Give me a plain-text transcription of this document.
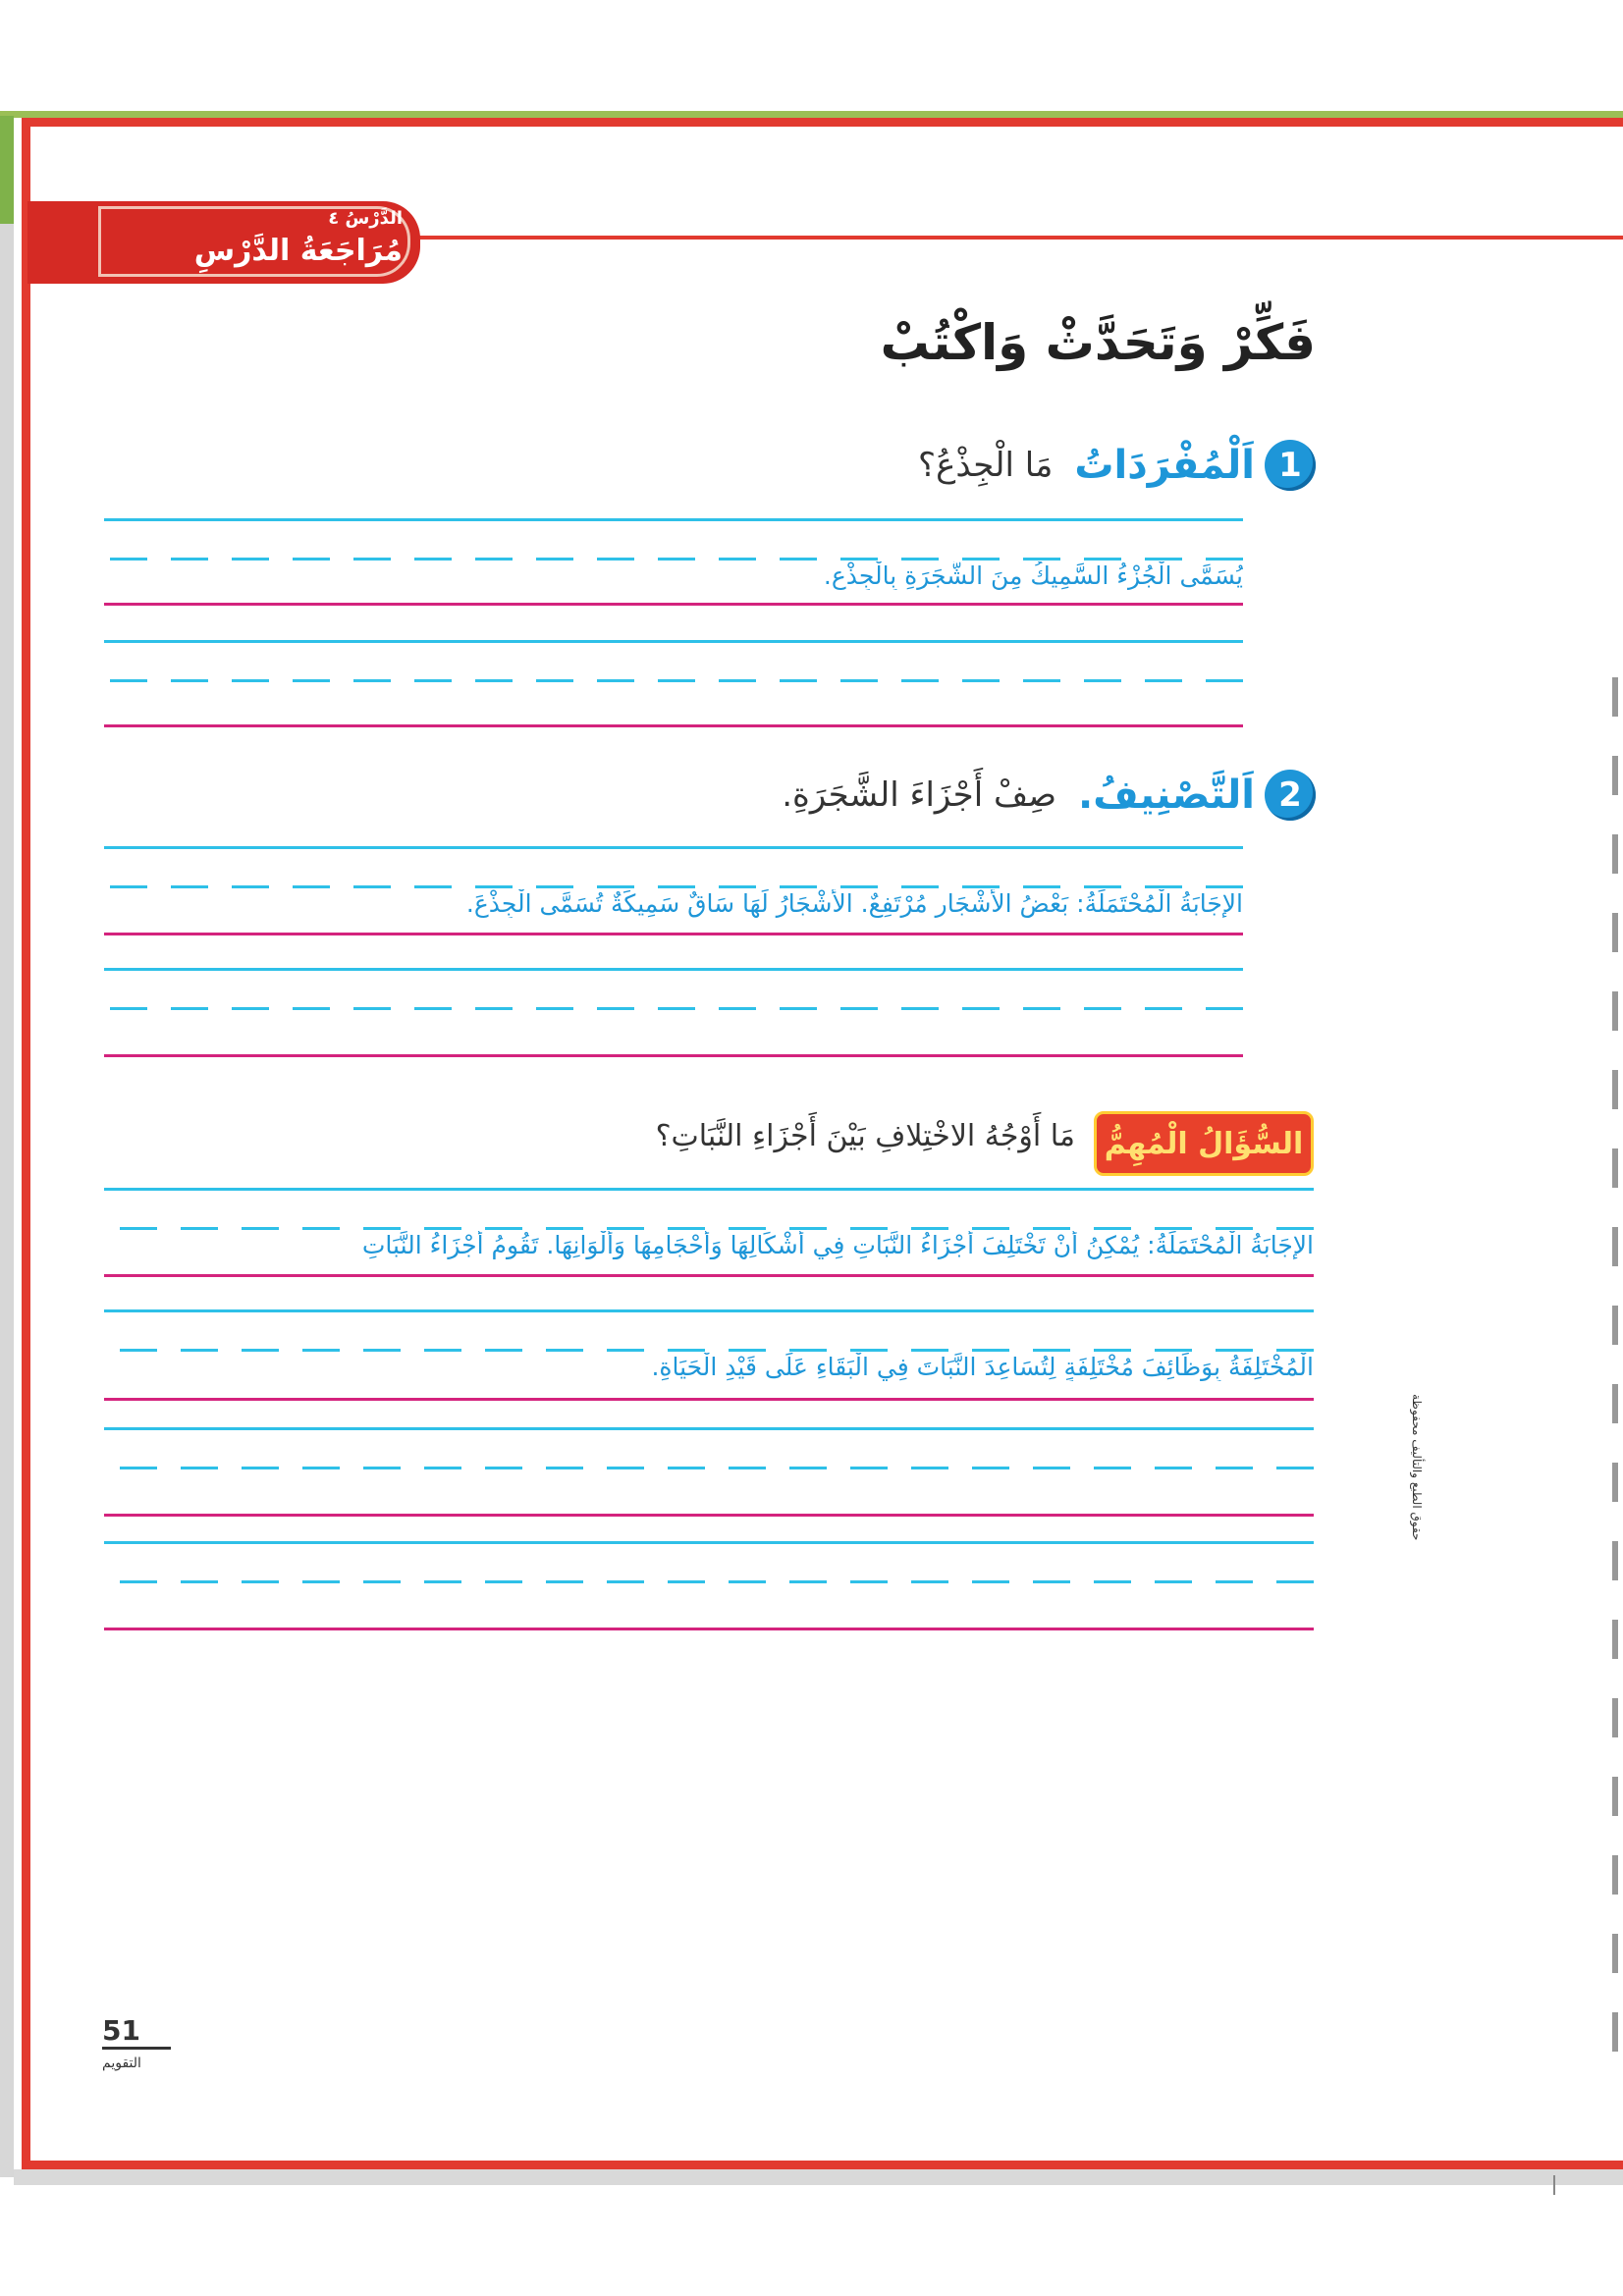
الدَّرْسُ ٤
مُرَاجَعَةُ الدَّرْسِ
فَكِّرْ وَتَحَدَّثْ وَاكْتُبْ
1
اَلْمُفْرَدَاتُ
مَا الْجِذْعُ؟
يُسَمَّى الْجُزْءُ السَّمِيكُ مِنَ الشَّجَرَةِ بِالْجِذْعِ.
2
اَلتَّصْنِيفُ.
صِفْ أَجْزَاءَ الشَّجَرَةِ.
الإِجَابَةُ الْمُحْتَمَلَةُ: بَعْضُ الأَشْجَارِ مُرْتَفِعٌ. الأَشْجَارُ لَهَا سَاقٌ سَمِيكَةٌ تُسَمَّى الْجِذْعَ.
السُّؤَالُ الْمُهِمُّ
مَا أَوْجُهُ الاخْتِلافِ بَيْنَ أَجْزَاءِ النَّبَاتِ؟
الإِجَابَةُ الْمُحْتَمَلَةُ: يُمْكِنُ أَنْ تَخْتَلِفَ أَجْزَاءُ النَّبَاتِ فِي أَشْكَالِهَا وَأَحْجَامِهَا وَأَلْوَانِهَا. تَقُومُ أَجْزَاءُ النَّبَاتِ
الْمُخْتَلِفَةُ بِوَظَائِفَ مُخْتَلِفَةٍ لِتُسَاعِدَ النَّبَاتَ فِي الْبَقَاءِ عَلَى قَيْدِ الْحَيَاةِ.
حقوق الطبع والتأليف محفوظة
51
التقويم
